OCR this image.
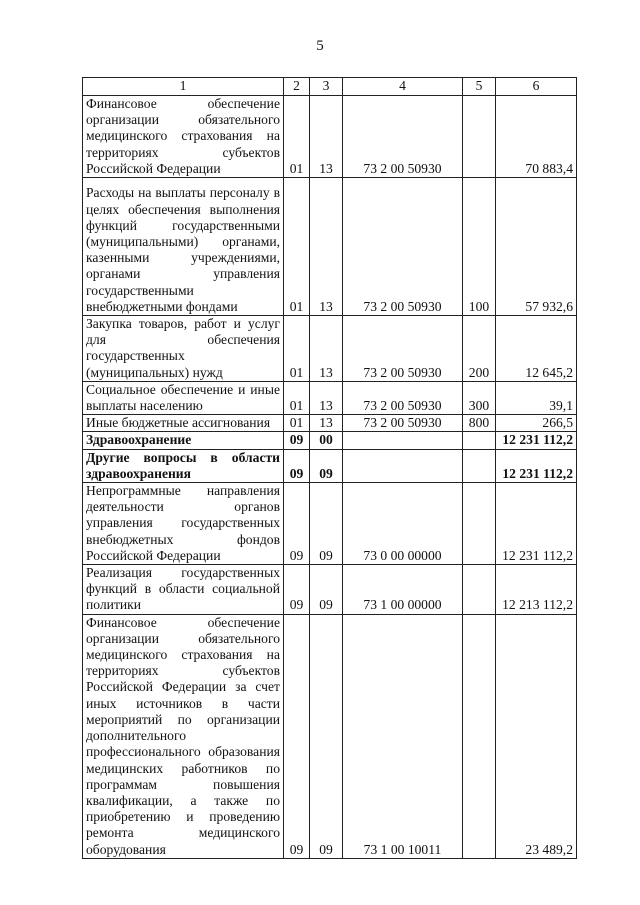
5
1	2	3	4	5	6
Финансовое обеспечение организации обязательного медицинского страхования на территориях субъектов Российской Федерации	01	13	73 2 00 50930		70 883,4
Расходы на выплаты персоналу в целях обеспечения выполнения функций государственными (муниципальными) органами, казенными учреждениями, органами управления государственными внебюджетными фондами	01	13	73 2 00 50930	100	57 932,6
Закупка товаров, работ и услуг для обеспечения государственных (муниципальных) нужд	01	13	73 2 00 50930	200	12 645,2
Социальное обеспечение и иные выплаты населению	01	13	73 2 00 50930	300	39,1
Иные бюджетные ассигнования	01	13	73 2 00 50930	800	266,5
Здравоохранение	09	00			12 231 112,2
Другие вопросы в области здравоохранения	09	09			12 231 112,2
Непрограммные направления деятельности органов управления государственных внебюджетных фондов Российской Федерации	09	09	73 0 00 00000		12 231 112,2
Реализация государственных функций в области социальной политики	09	09	73 1 00 00000		12 213 112,2
Финансовое обеспечение организации обязательного медицинского страхования на территориях субъектов Российской Федерации за счет иных источников в части мероприятий по организации дополнительного профессионального образования медицинских работников по программам повышения квалификации, а также по приобретению и проведению ремонта медицинского оборудования	09	09	73 1 00 10011		23 489,2
